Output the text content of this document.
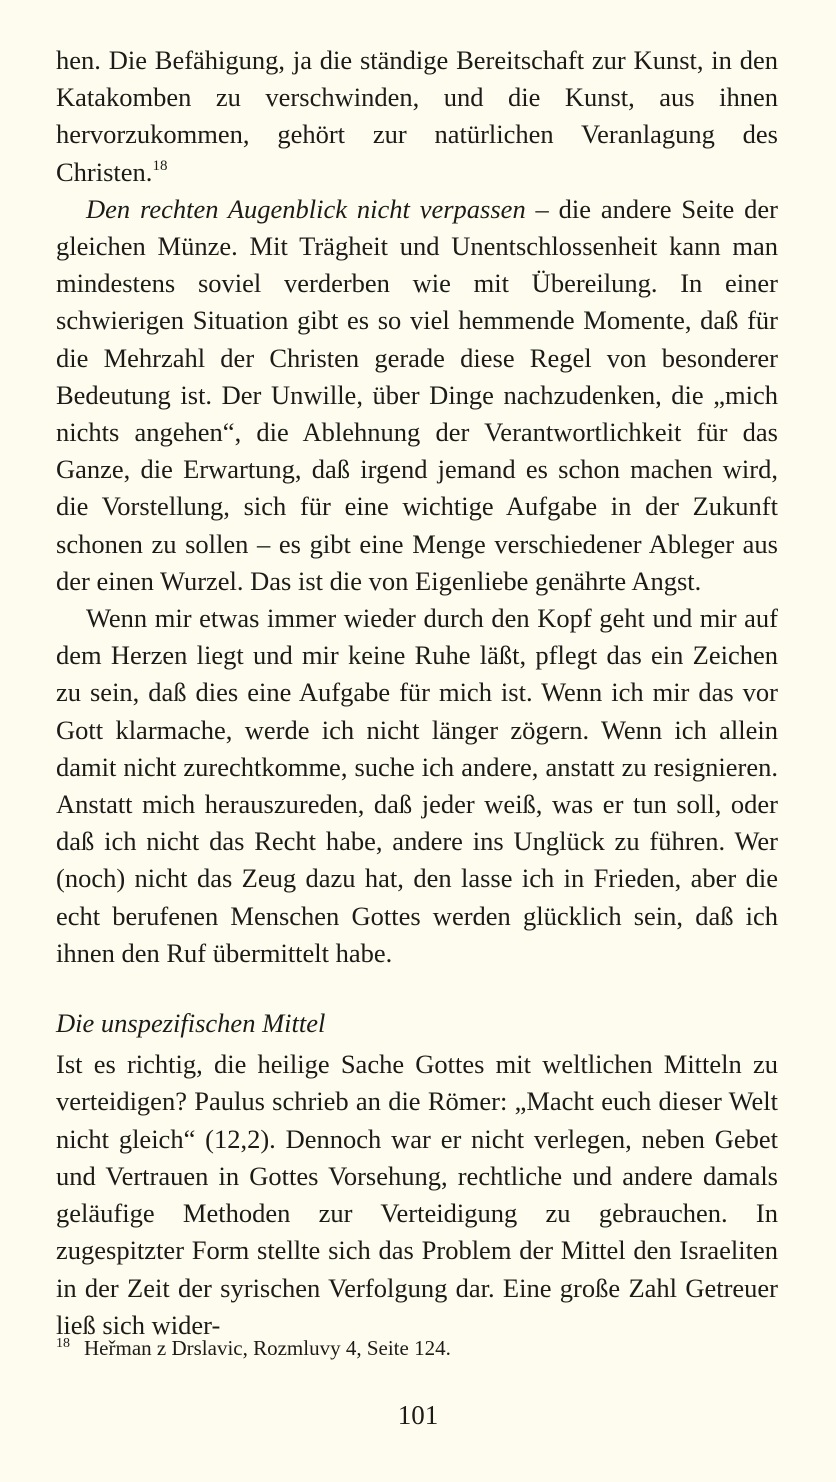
hen. Die Befähigung, ja die ständige Bereitschaft zur Kunst, in den Katakomben zu verschwinden, und die Kunst, aus ihnen hervorzukommen, gehört zur natürlichen Veranlagung des Christen.$^{18}$

Den rechten Augenblick nicht verpassen – die andere Seite der gleichen Münze. Mit Trägheit und Unentschlossenheit kann man mindestens soviel verderben wie mit Übereilung. In einer schwierigen Situation gibt es so viel hemmende Momente, daß für die Mehrzahl der Christen gerade diese Regel von besonderer Bedeutung ist. Der Unwille, über Dinge nachzudenken, die „mich nichts angehen“, die Ablehnung der Verantwortlichkeit für das Ganze, die Erwartung, daß irgend jemand es schon machen wird, die Vorstellung, sich für eine wichtige Aufgabe in der Zukunft schonen zu sollen – es gibt eine Menge verschiedener Ableger aus der einen Wurzel. Das ist die von Eigenliebe genährte Angst.

Wenn mir etwas immer wieder durch den Kopf geht und mir auf dem Herzen liegt und mir keine Ruhe läßt, pflegt das ein Zeichen zu sein, daß dies eine Aufgabe für mich ist. Wenn ich mir das vor Gott klarmache, werde ich nicht länger zögern. Wenn ich allein damit nicht zurechtkomme, suche ich andere, anstatt zu resignieren. Anstatt mich herauszureden, daß jeder weiß, was er tun soll, oder daß ich nicht das Recht habe, andere ins Unglück zu führen. Wer (noch) nicht das Zeug dazu hat, den lasse ich in Frieden, aber die echt berufenen Menschen Gottes werden glücklich sein, daß ich ihnen den Ruf übermittelt habe.

Die unspezifischen Mittel

Ist es richtig, die heilige Sache Gottes mit weltlichen Mitteln zu verteidigen? Paulus schrieb an die Römer: „Macht euch dieser Welt nicht gleich“ (12,2). Dennoch war er nicht verlegen, neben Gebet und Vertrauen in Gottes Vorsehung, rechtliche und andere damals geläufige Methoden zur Verteidigung zu gebrauchen. In zugespitzter Form stellte sich das Problem der Mittel den Israeliten in der Zeit der syrischen Verfolgung dar. Eine große Zahl Getreuer ließ sich wider-

$^{18}$ Heřman z Drslavic, Rozmluvy 4, Seite 124.
101
